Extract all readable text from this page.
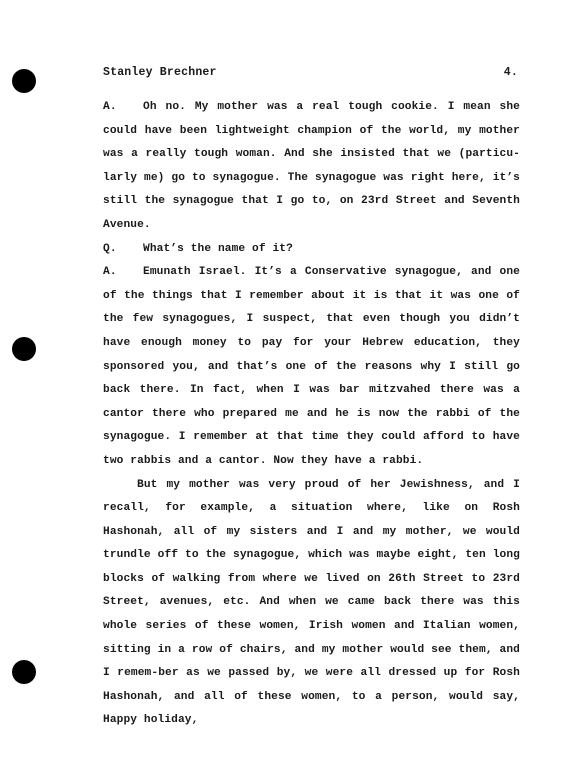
Stanley Brechner	4.

A. Oh no. My mother was a real tough cookie. I mean she could have been lightweight champion of the world, my mother was a really tough woman. And she insisted that we (particu-larly me) go to synagogue. The synagogue was right here, it’s still the synagogue that I go to, on 23rd Street and Seventh Avenue.

Q. What’s the name of it?

A. Emunath Israel. It’s a Conservative synagogue, and one of the things that I remember about it is that it was one of the few synagogues, I suspect, that even though you didn’t have enough money to pay for your Hebrew education, they sponsored you, and that’s one of the reasons why I still go back there. In fact, when I was bar mitzvahed there was a cantor there who prepared me and he is now the rabbi of the synagogue. I remember at that time they could afford to have two rabbis and a cantor. Now they have a rabbi.

But my mother was very proud of her Jewishness, and I recall, for example, a situation where, like on Rosh Hashonah, all of my sisters and I and my mother, we would trundle off to the synagogue, which was maybe eight, ten long blocks of walking from where we lived on 26th Street to 23rd Street, avenues, etc. And when we came back there was this whole series of these women, Irish women and Italian women, sitting in a row of chairs, and my mother would see them, and I remem-ber as we passed by, we were all dressed up for Rosh Hashonah, and all of these women, to a person, would say, Happy holiday,
